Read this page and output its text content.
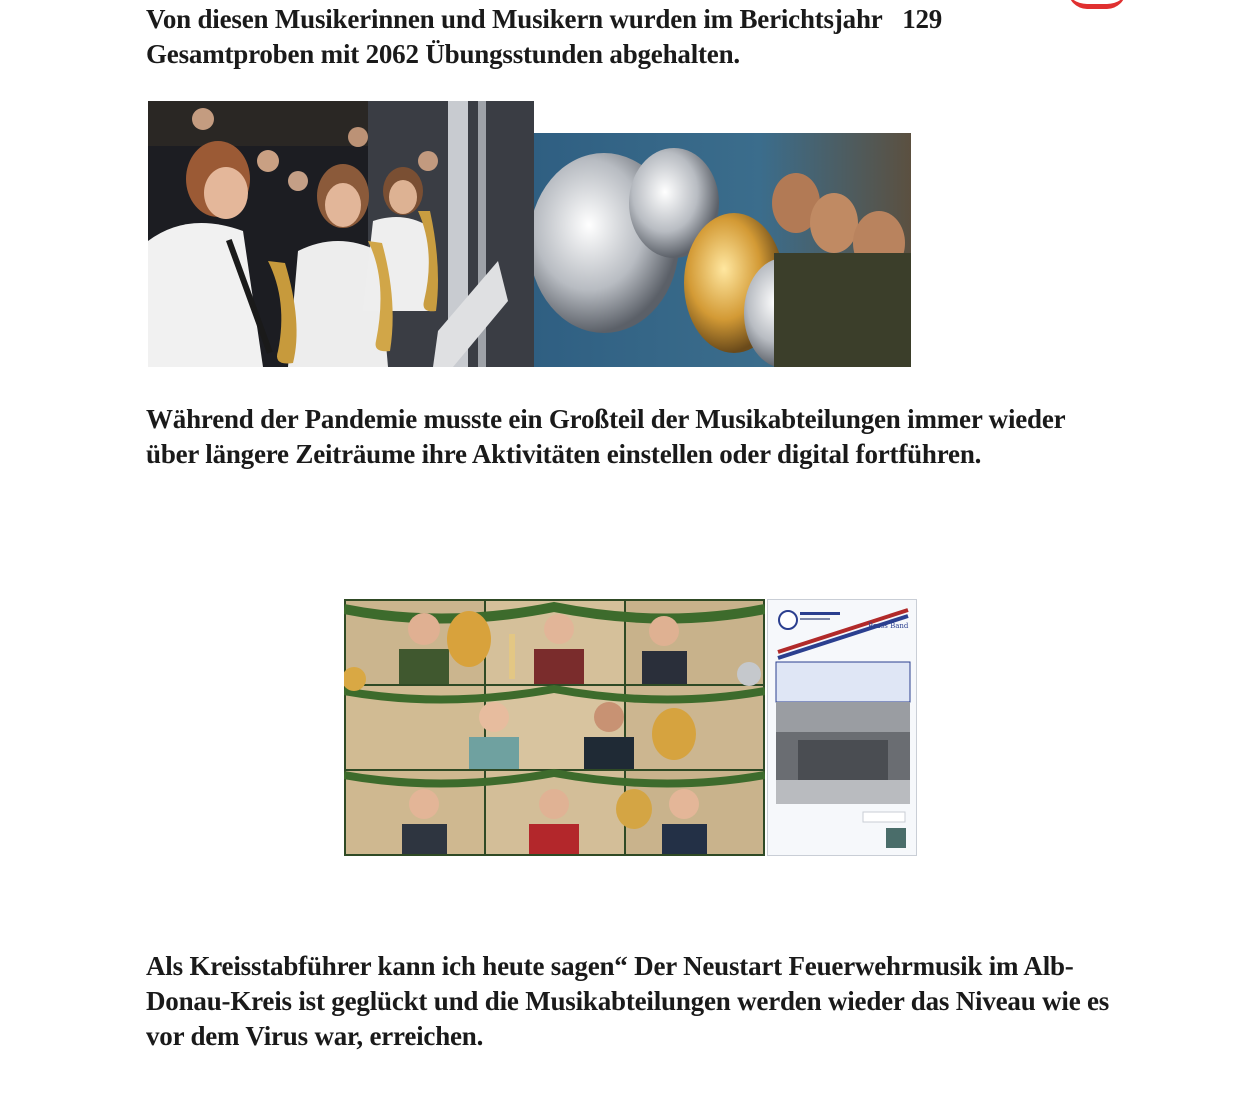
Von diesen Musikerinnen und Musikern wurden im Berichtsjahr   129 Gesamtproben mit 2062 Übungsstunden abgehalten.

Während der Pandemie musste ein Großteil der Musikabteilungen immer wieder über längere Zeiträume ihre Aktivitäten einstellen oder digital fortführen.

Brass Band

Als Kreisstabführer kann ich heute sagen“ Der Neustart Feuerwehrmusik im Alb-Donau-Kreis ist geglückt und die Musikabteilungen werden wieder das Niveau wie es vor dem Virus war, erreichen.
